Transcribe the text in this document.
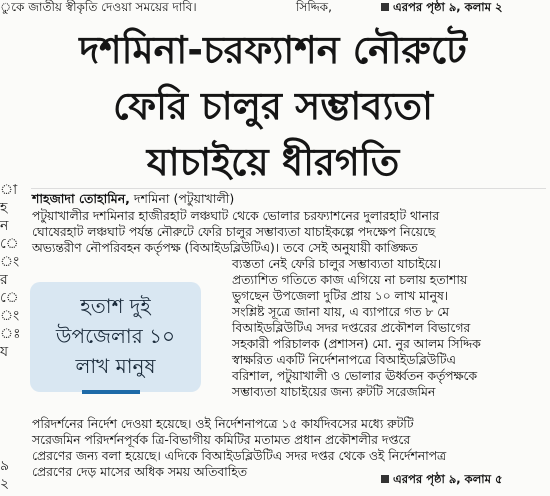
ুকে জাতীয় স্বীকৃতি দেওয়া সময়ের দাবি।	সিদ্দিক,	এরপর পৃষ্ঠা ৯, কলাম ২
দশমিনা-চরফ্যাশন নৌরুটে
ফেরি চালুর সম্ভাব্যতা
যাচাইয়ে ধীরগতি
া
হ
ন
ে
ং
র
ে
ং
ঃ
য
৯
২
শাহজাদা তোহামিন, দশমিনা (পটুয়াখালী)
পটুয়াখালীর দশমিনার হাজীরহাট লঞ্চঘাট থেকে ভোলার চরফ্যাশনের দুলারহাট থানার
ঘোষেরহাট লঞ্চঘাট পর্যন্ত নৌরুটে ফেরি চালুর সম্ভাব্যতা যাচাইকল্পে পদক্ষেপ নিয়েছে
অভ্যন্তরীণ নৌপরিবহন কর্তৃপক্ষ (বিআইডব্লিউটিএ)। তবে সেই অনুযায়ী কাঙ্ক্ষিত
ব্যস্ততা নেই ফেরি চালুর সম্ভাব্যতা যাচাইয়ে।
প্রত্যাশিত গতিতে কাজ এগিয়ে না চলায় হতাশায়
ভুগছেন উপজেলা দুটির প্রায় ১০ লাখ মানুষ।
সংশ্লিষ্ট সূত্রে জানা যায়, এ ব্যাপারে গত ৮ মে
বিআইডব্লিউটিএ সদর দপ্তরের প্রকৌশল বিভাগের
সহকারী পরিচালক (প্রশাসন) মো. নুর আলম সিদ্দিক
স্বাক্ষরিত একটি নির্দেশনাপত্রে বিআইডব্লিউটিএ
বরিশাল, পটুয়াখালী ও ভোলার ঊর্ধ্বতন কর্তৃপক্ষকে
সম্ভাব্যতা যাচাইয়ের জন্য রুটটি সরেজমিন
পরিদর্শনের নির্দেশ দেওয়া হয়েছে। ওই নির্দেশনাপত্রে ১৫ কার্যদিবসের মধ্যে রুটটি
সরেজমিন পরিদর্শনপূর্বক ত্রি-বিভাগীয় কমিটির মতামত প্রধান প্রকৌশলীর দপ্তরে
প্রেরণের জন্য বলা হয়েছে। এদিকে বিআইডব্লিউটিএ সদর দপ্তর থেকে ওই নির্দেশনাপত্র
প্রেরণের দেড় মাসের অধিক সময় অতিবাহিত
হতাশ দুই
উপজেলার ১০
লাখ মানুষ
এরপর পৃষ্ঠা ৯, কলাম ৫
